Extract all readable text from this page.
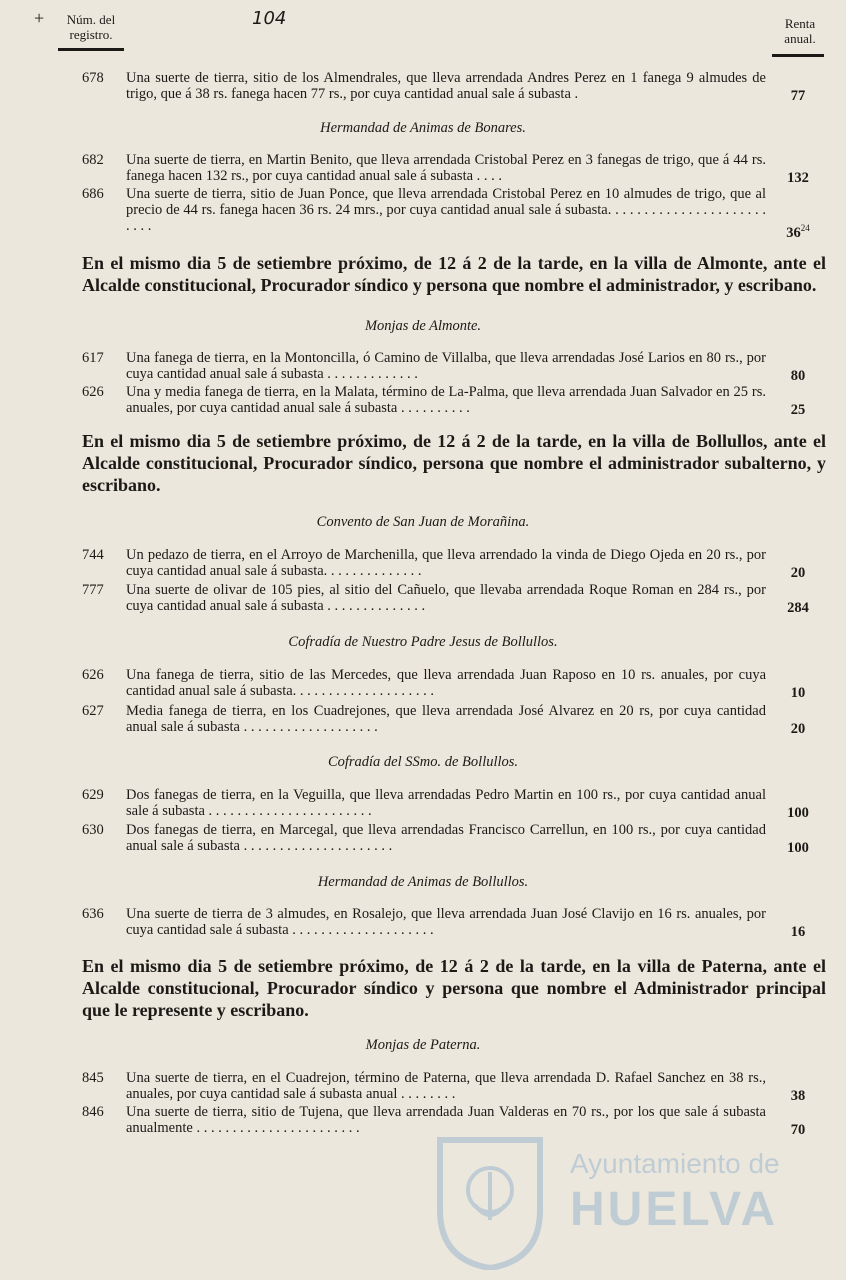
+	Núm. del registro.
104	Renta anual.
678	Una suerte de tierra, sitio de los Almendrales, que lleva arrendada Andres Perez en 1 fanega 9 almudes de trigo, que á 38 rs. fanega hacen 77 rs., por cuya cantidad anual sale á subasta .	77
Hermandad de Animas de Bonares.
682	Una suerte de tierra, en Martin Benito, que lleva arrendada Cristobal Perez en 3 fanegas de trigo, que á 44 rs. fanega hacen 132 rs., por cuya cantidad anual sale á subasta . . . .	132
686	Una suerte de tierra, sitio de Juan Ponce, que lleva arrendada Cristobal Perez en 10 almudes de trigo, que al precio de 44 rs. fanega hacen 36 rs. 24 mrs., por cuya cantidad anual sale á subasta. . . . . . . . . . . . . . . . . . . . . . . . . .	$36^{24}$
En el mismo dia 5 de setiembre próximo, de 12 á 2 de la tarde, en la villa de Almonte, ante el Alcalde constitucional, Procurador síndico y persona que nombre el administrador, y escribano.
Monjas de Almonte.
617	Una fanega de tierra, en la Montoncilla, ó Camino de Villalba, que lleva arrendadas José Larios en 80 rs., por cuya cantidad anual sale á subasta . . . . . . . . . . . . .	80
626	Una y media fanega de tierra, en la Malata, término de La-Palma, que lleva arrendada Juan Salvador en 25 rs. anuales, por cuya cantidad anual sale á subasta . . . . . . . . . .	25
En el mismo dia 5 de setiembre próximo, de 12 á 2 de la tarde, en la villa de Bollullos, ante el Alcalde constitucional, Procurador síndico, persona que nombre el administrador subalterno, y escribano.
Convento de San Juan de Morañina.
744	Un pedazo de tierra, en el Arroyo de Marchenilla, que lleva arrendado la vinda de Diego Ojeda en 20 rs., por cuya cantidad anual sale á subasta. . . . . . . . . . . . . .	20
777	Una suerte de olivar de 105 pies, al sitio del Cañuelo, que llevaba arrendada Roque Roman en 284 rs., por cuya cantidad anual sale á subasta . . . . . . . . . . . . . .	284
Cofradía de Nuestro Padre Jesus de Bollullos.
626	Una fanega de tierra, sitio de las Mercedes, que lleva arrendada Juan Raposo en 10 rs. anuales, por cuya cantidad anual sale á subasta. . . . . . . . . . . . . . . . . . . .	10
627	Media fanega de tierra, en los Cuadrejones, que lleva arrendada José Alvarez en 20 rs, por cuya cantidad anual sale á subasta . . . . . . . . . . . . . . . . . . .	20
Cofradía del SSmo. de Bollullos.
629	Dos fanegas de tierra, en la Veguilla, que lleva arrendadas Pedro Martin en 100 rs., por cuya cantidad anual sale á subasta . . . . . . . . . . . . . . . . . . . . . . .	100
630	Dos fanegas de tierra, en Marcegal, que lleva arrendadas Francisco Carrellun, en 100 rs., por cuya cantidad anual sale á subasta . . . . . . . . . . . . . . . . . . . . .	100
Hermandad de Animas de Bollullos.
636	Una suerte de tierra de 3 almudes, en Rosalejo, que lleva arrendada Juan José Clavijo en 16 rs. anuales, por cuya cantidad sale á subasta . . . . . . . . . . . . . . . . . . . .	16
En el mismo dia 5 de setiembre próximo, de 12 á 2 de la tarde, en la villa de Paterna, ante el Alcalde constitucional, Procurador síndico y persona que nombre el Administrador principal que le represente y escribano.
Monjas de Paterna.
845	Una suerte de tierra, en el Cuadrejon, término de Paterna, que lleva arrendada D. Rafael Sanchez en 38 rs., anuales, por cuya cantidad sale á subasta anual . . . . . . . .	38
846	Una suerte de tierra, sitio de Tujena, que lleva arrendada Juan Valderas en 70 rs., por los que sale á subasta anualmente . . . . . . . . . . . . . . . . . . . . . . .	70
Ayuntamiento de
HUELVA
